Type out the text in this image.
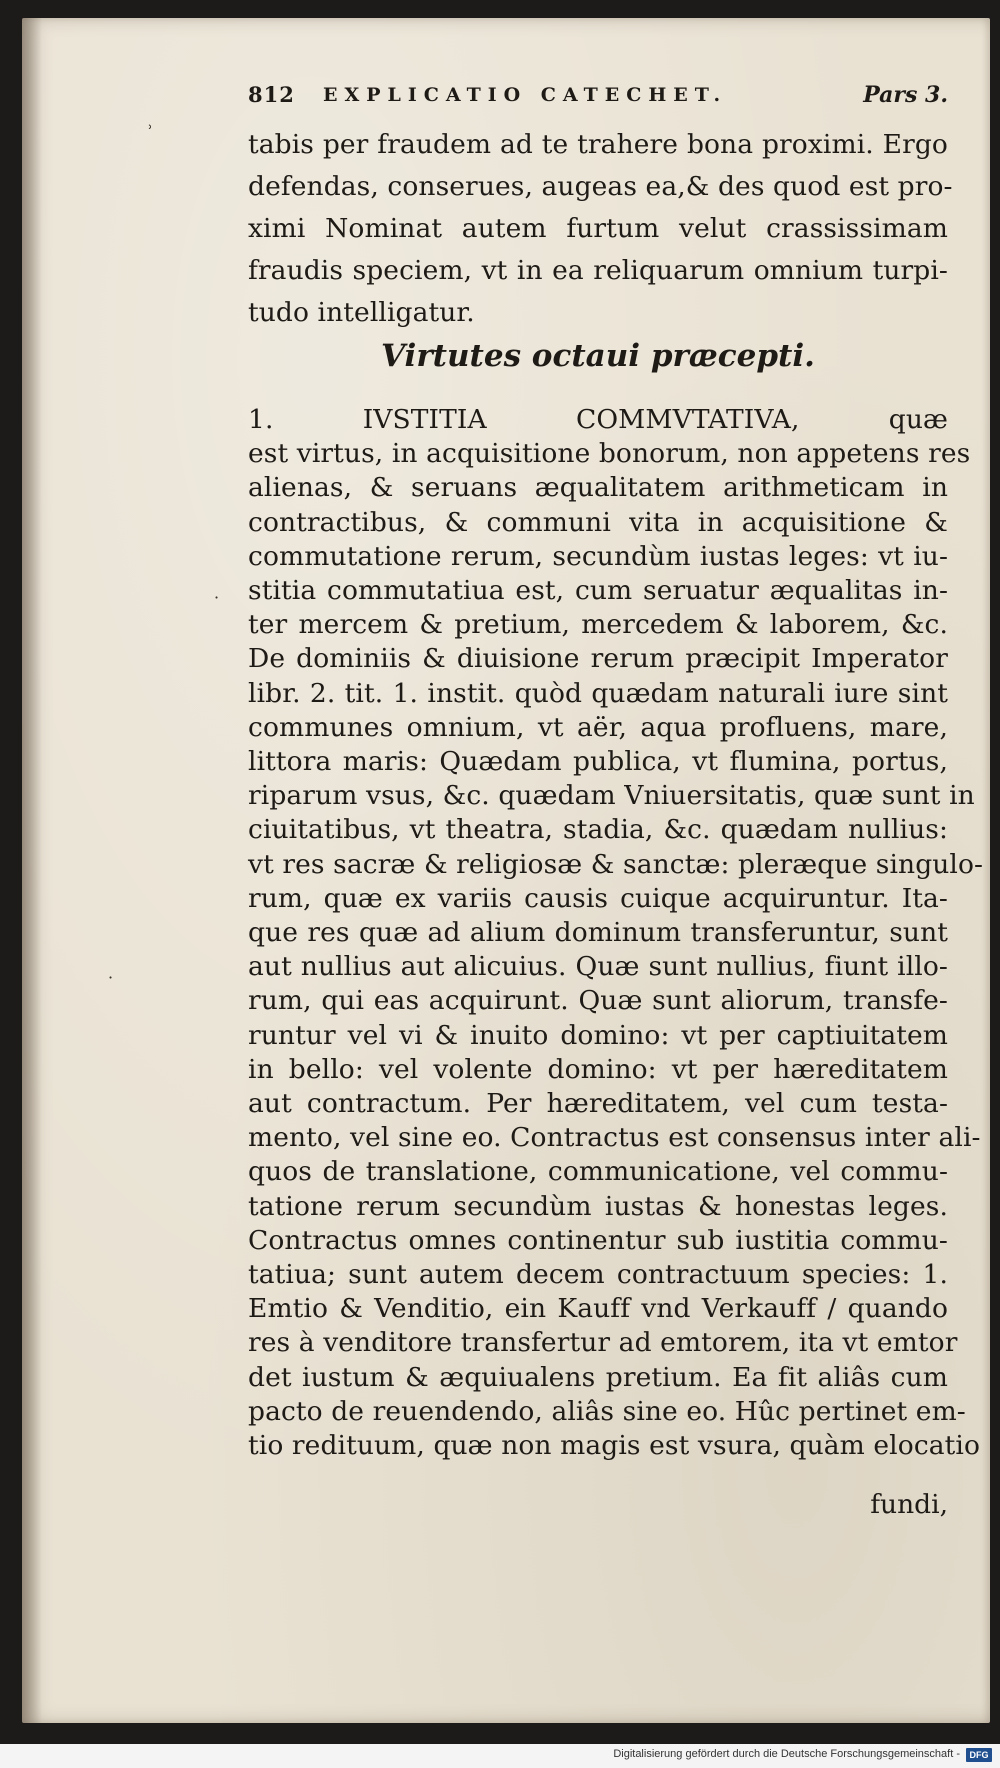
812 EXPLICATIO CATECHET.	Pars 3.
˒
·
·
tabis per fraudem ad te trahere bona proximi. Ergo
defendas, conserues, augeas ea,& des quod est pro-
ximi Nominat autem furtum velut crassissimam
fraudis speciem, vt in ea reliquarum omnium turpi-
tudo intelligatur.
Virtutes octaui præcepti.
1. IVSTITIA COMMVTATIVA, quæ
est virtus, in acquisitione bonorum, non appetens res
alienas, & seruans æqualitatem arithmeticam in
contractibus, & communi vita in acquisitione &
commutatione rerum, secundùm iustas leges: vt iu-
stitia commutatiua est, cum seruatur æqualitas in-
ter mercem & pretium, mercedem & laborem, &c.
De dominiis & diuisione rerum præcipit Imperator
libr. 2. tit. 1. instit. quòd quædam naturali iure sint
communes omnium, vt aër, aqua profluens, mare,
littora maris: Quædam publica, vt flumina, portus,
riparum vsus, &c. quædam Vniuersitatis, quæ sunt in
ciuitatibus, vt theatra, stadia, &c. quædam nullius:
vt res sacræ & religiosæ & sanctæ: pleræque singulo-
rum, quæ ex variis causis cuique acquiruntur. Ita-
que res quæ ad alium dominum transferuntur, sunt
aut nullius aut alicuius. Quæ sunt nullius, fiunt illo-
rum, qui eas acquirunt. Quæ sunt aliorum, transfe-
runtur vel vi & inuito domino: vt per captiuitatem
in bello: vel volente domino: vt per hæreditatem
aut contractum. Per hæreditatem, vel cum testa-
mento, vel sine eo. Contractus est consensus inter ali-
quos de translatione, communicatione, vel commu-
tatione rerum secundùm iustas & honestas leges.
Contractus omnes continentur sub iustitia commu-
tatiua; sunt autem decem contractuum species: 1.
Emtio & Venditio, ein Kauff vnd Verkauff / quando
res à venditore transfertur ad emtorem, ita vt emtor
det iustum & æquiualens pretium. Ea fit aliâs cum
pacto de reuendendo, aliâs sine eo. Hûc pertinet em-
tio redituum, quæ non magis est vsura, quàm elocatio
fundi,
Digitalisierung gefördert durch die Deutsche Forschungsgemeinschaft -	DFG
